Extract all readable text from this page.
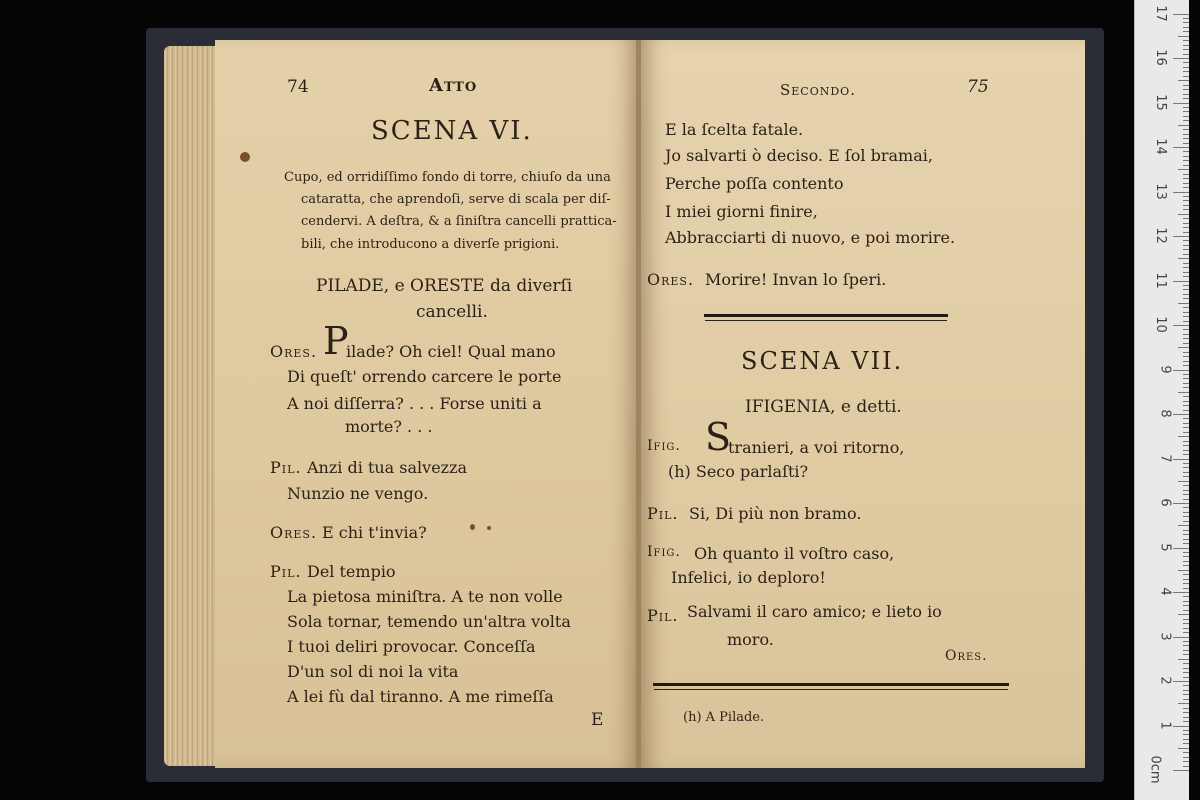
74	Atto
SCENA VI.
Cupo, ed orridiſſimo fondo di torre, chiuſo da una
cataratta, che aprendoſi, serve di scala per diſ-
cendervi. A deſtra, & a ſiniſtra cancelli pratticа-
bili, che introducono a diverſe prigioni.
PILADE, e ORESTE da diverſi
cancelli.
Ores. P
ilade? Oh ciel! Qual mano
Di queſt' orrendo carcere le porte
A noi diſſerra? . . . Forse uniti a
morte? . . .
Pil. Anzi di tua salvezza
Nunzio ne vengo.
Ores. E chi t'invia?
Pil. Del tempio
La pietosa miniſtra. A te non volle
Sola tornar, temendo un'altra volta
I tuoi deliri provocar. Conceſſa
D'un sol di noi la vita
A lei fù dal tiranno. A me rimeſſa
E
Secondo.	75
E la ſcelta fatale.
Jo salvarti ò deciso. E ſol bramai,
Perche poſſa contento
I miei giorni finire,
Abbracciarti di nuovo, e poi morire.
Ores. Morire! Invan lo ſperi.
SCENA VII.
IFIGENIA, e detti.
Ifig. S
tranieri, a voi ritorno,
(h) Seco parlaſti?
Pil. Si, Di più non bramo.
Ifig. Oh quanto il voſtro caso,
Infelici, io deploro!
Pil. Salvami il caro amico; e lieto io
moro.
Ores.
(h) A Pilade.
0cm
1
2
3
4
5
6
7
8
9
10
11
12
13
14
15
16
17
